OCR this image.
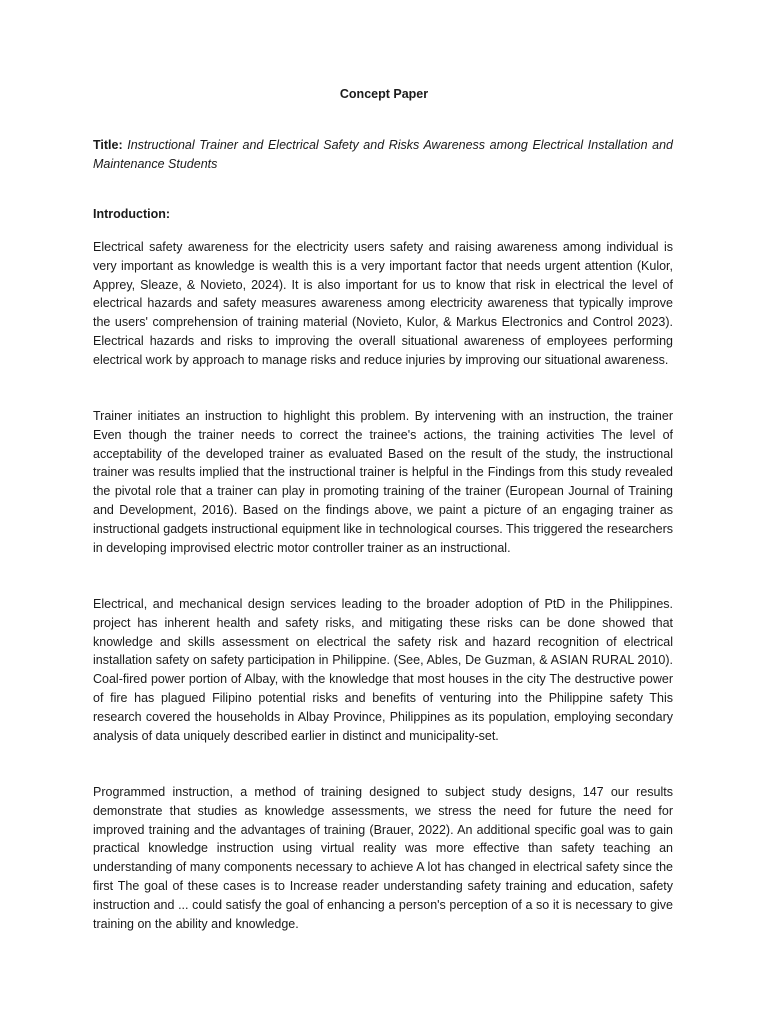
Concept Paper
Title: Instructional Trainer and Electrical Safety and Risks Awareness among Electrical Installation and Maintenance Students
Introduction:

Electrical safety awareness for the electricity users safety and raising awareness among individual is very important as knowledge is wealth this is a very important factor that needs urgent attention (Kulor, Apprey, Sleaze, & Novieto, 2024). It is also important for us to know that risk in electrical the level of electrical hazards and safety measures awareness among electricity awareness that typically improve the users' comprehension of training material (Novieto, Kulor, & Markus Electronics and Control 2023). Electrical hazards and risks to improving the overall situational awareness of employees performing electrical work by approach to manage risks and reduce injuries by improving our situational awareness.

Trainer initiates an instruction to highlight this problem. By intervening with an instruction, the trainer Even though the trainer needs to correct the trainee's actions, the training activities The level of acceptability of the developed trainer as evaluated Based on the result of the study, the instructional trainer was results implied that the instructional trainer is helpful in the Findings from this study revealed the pivotal role that a trainer can play in promoting training of the trainer (European Journal of Training and Development, 2016). Based on the findings above, we paint a picture of an engaging trainer as instructional gadgets instructional equipment like in technological courses. This triggered the researchers in developing improvised electric motor controller trainer as an instructional.

Electrical, and mechanical design services leading to the broader adoption of PtD in the Philippines. project has inherent health and safety risks, and mitigating these risks can be done showed that knowledge and skills assessment on electrical the safety risk and hazard recognition of electrical installation safety on safety participation in Philippine. (See, Ables, De Guzman, & ASIAN RURAL 2010). Coal-fired power portion of Albay, with the knowledge that most houses in the city The destructive power of fire has plagued Filipino potential risks and benefits of venturing into the Philippine safety This research covered the households in Albay Province, Philippines as its population, employing secondary analysis of data uniquely described earlier in distinct and municipality-set.

Programmed instruction, a method of training designed to subject study designs, 147 our results demonstrate that studies as knowledge assessments, we stress the need for future the need for improved training and the advantages of training (Brauer, 2022). An additional specific goal was to gain practical knowledge instruction using virtual reality was more effective than safety teaching an understanding of many components necessary to achieve A lot has changed in electrical safety since the first The goal of these cases is to Increase reader understanding safety training and education, safety instruction and ... could satisfy the goal of enhancing a person's perception of a so it is necessary to give training on the ability and knowledge.
